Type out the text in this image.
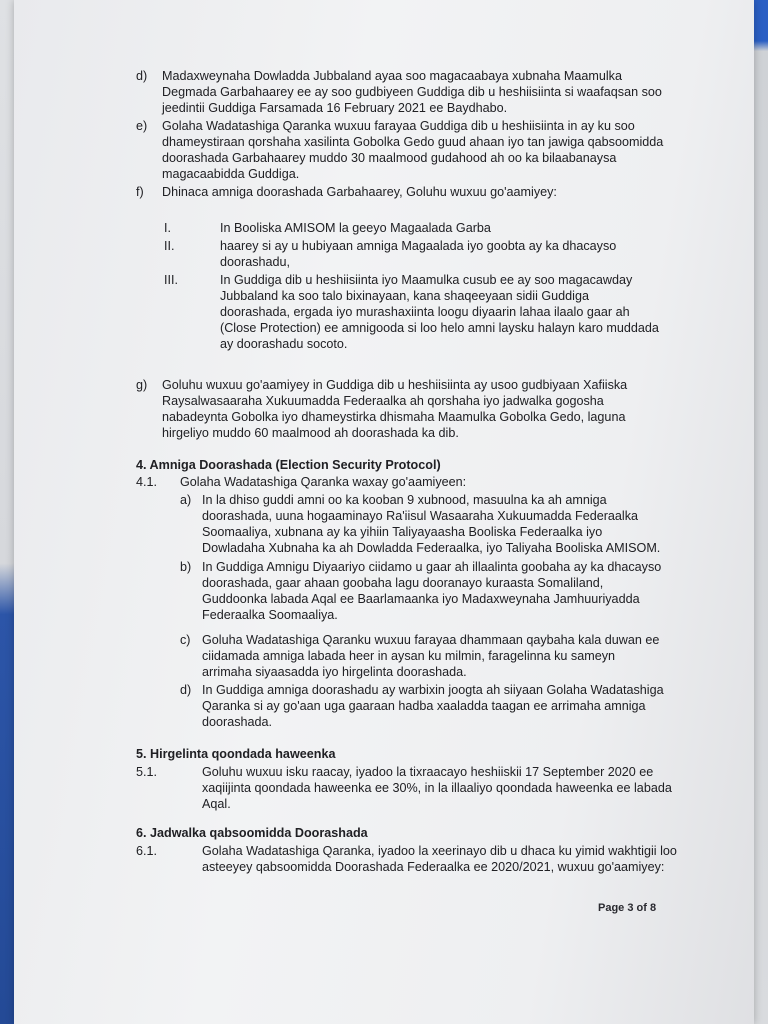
d) Madaxweynaha Dowladda Jubbaland ayaa soo magacaabaya xubnaha Maamulka
Degmada Garbahaarey ee ay soo gudbiyeen Guddiga dib u heshiisiinta si waafaqsan soo
jeedintii Guddiga Farsamada 16 February 2021 ee Baydhabo.
e) Golaha Wadatashiga Qaranka wuxuu farayaa Guddiga dib u heshiisiinta in ay ku soo
dhameystiraan qorshaha xasilinta Gobolka Gedo guud ahaan iyo tan jawiga qabsoomidda
doorashada Garbahaarey muddo 30 maalmood gudahood ah oo ka bilaabanaysa
magacaabidda Guddiga.
f) Dhinaca amniga doorashada Garbahaarey, Goluhu wuxuu go'aamiyey:
I.	In Booliska AMISOM la geeyo Magaalada Garba
II.	haarey si ay u hubiyaan amniga Magaalada iyo goobta ay ka dhacayso
doorashadu,
III.	In Guddiga dib u heshiisiinta iyo Maamulka cusub ee ay soo magacawday
Jubbaland ka soo talo bixinayaan, kana shaqeeyaan sidii Guddiga
doorashada, ergada iyo murashaxiinta loogu diyaarin lahaa ilaalo gaar ah
(Close Protection) ee amnigooda si loo helo amni laysku halayn karo muddada
ay doorashadu socoto.
g) Goluhu wuxuu go'aamiyey in Guddiga dib u heshiisiinta ay usoo gudbiyaan Xafiiska
Raysalwasaaraha Xukuumadda Federaalka ah qorshaha iyo jadwalka gogosha
nabadeynta Gobolka iyo dhameystirka dhismaha Maamulka Gobolka Gedo, laguna
hirgeliyo muddo 60 maalmood ah doorashada ka dib.
4. Amniga Doorashada (Election Security Protocol)
4.1. Golaha Wadatashiga Qaranka waxay go'aamiyeen:
a) In la dhiso guddi amni oo ka kooban 9 xubnood, masuulna ka ah amniga
doorashada, uuna hogaaminayo Ra'iisul Wasaaraha Xukuumadda Federaalka
Soomaaliya, xubnana ay ka yihiin Taliyayaasha Booliska Federaalka iyo
Dowladaha Xubnaha ka ah Dowladda Federaalka, iyo Taliyaha Booliska AMISOM.
b) In Guddiga Amnigu Diyaariyo ciidamo u gaar ah illaalinta goobaha ay ka dhacayso
doorashada, gaar ahaan goobaha lagu dooranayo kuraasta Somaliland,
Guddoonka labada Aqal ee Baarlamaanka iyo Madaxweynaha Jamhuuriyadda
Federaalka Soomaaliya.
c) Goluha Wadatashiga Qaranku wuxuu farayaa dhammaan qaybaha kala duwan ee
ciidamada amniga labada heer in aysan ku milmin, faragelinna ku sameyn
arrimaha siyaasadda iyo hirgelinta doorashada.
d) In Guddiga amniga doorashadu ay warbixin joogta ah siiyaan Golaha Wadatashiga
Qaranka si ay go'aan uga gaaraan hadba xaaladda taagan ee arrimaha amniga
doorashada.
5. Hirgelinta qoondada haweenka
5.1.	Goluhu wuxuu isku raacay, iyadoo la tixraacayo heshiiskii 17 September 2020 ee
xaqiijinta qoondada haweenka ee 30%, in la illaaliyo qoondada haweenka ee labada
Aqal.
6. Jadwalka qabsoomidda Doorashada
6.1.	Golaha Wadatashiga Qaranka, iyadoo la xeerinayo dib u dhaca ku yimid wakhtigii loo
asteeyey qabsoomidda Doorashada Federaalka ee 2020/2021, wuxuu go'aamiyey:
Page 3 of 8
